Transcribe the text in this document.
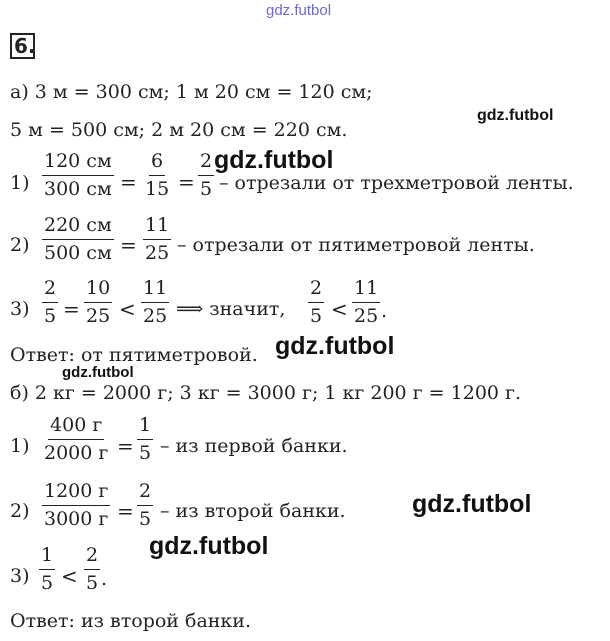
gdz.futbol
gdz.futbol
gdz.futbol
gdz.futbol
gdz.futbol
gdz.futbol
gdz.futbol
6.
а) 3 м = 300 см; 1 м 20 см = 120 см;
5 м = 500 см; 2 м 20 см = 220 см.
1)
120 см
300 см = $\frac{6}{15} = \frac{2}{5}$ – отрезали от трехметровой ленты.
2)
220 см
500 см = $\frac{11}{25}$ – отрезали от пятиметровой ленты.
$3) \frac{2}{5} = \frac{10}{25} < \frac{11}{25}$ ⟹ значит, $\frac{2}{5} < \frac{11}{25}$ .
Ответ: от пятиметровой.
б) 2 кг = 2000 г; 3 кг = 3000 г; 1 кг 200 г = 1200 г.
1)
400 г
2000 $г = \frac{1}{5}$ – из первой банки.
2)
1200 г
3000 $г = \frac{2}{5}$ – из второй банки.
$3) \frac{1}{5} < \frac{2}{5}$ .
Ответ: из второй банки.
